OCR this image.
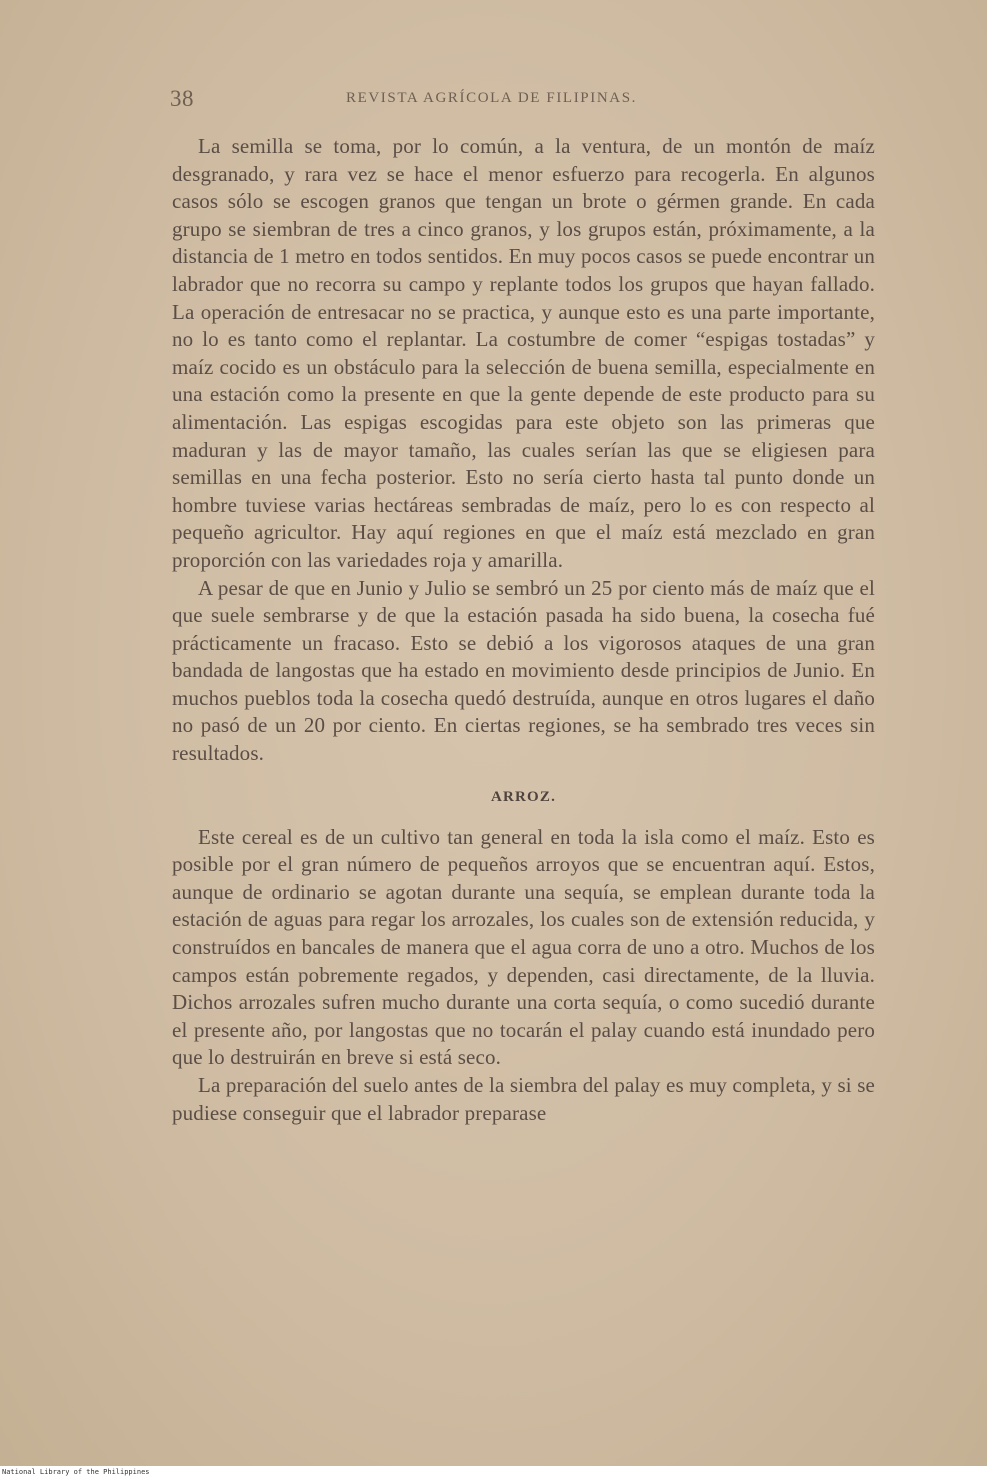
38	REVISTA AGRÍCOLA DE FILIPINAS.

La semilla se toma, por lo común, a la ventura, de un montón de maíz desgranado, y rara vez se hace el menor esfuerzo para recogerla. En algunos casos sólo se escogen granos que tengan un brote o gérmen grande. En cada grupo se siembran de tres a cinco granos, y los grupos están, próximamente, a la distancia de 1 metro en todos sentidos. En muy pocos casos se puede encontrar un labrador que no recorra su campo y replante todos los grupos que hayan fallado. La operación de entresacar no se practica, y aunque esto es una parte importante, no lo es tanto como el replantar. La costumbre de comer “espigas tostadas” y maíz cocido es un obstáculo para la selección de buena semilla, especialmente en una estación como la presente en que la gente depende de este producto para su alimentación. Las espigas escogidas para este objeto son las primeras que maduran y las de mayor tamaño, las cuales serían las que se eligiesen para semillas en una fecha posterior. Esto no sería cierto hasta tal punto donde un hombre tuviese varias hectáreas sembradas de maíz, pero lo es con respecto al pequeño agricultor. Hay aquí regiones en que el maíz está mezclado en gran proporción con las variedades roja y amarilla.

A pesar de que en Junio y Julio se sembró un 25 por ciento más de maíz que el que suele sembrarse y de que la estación pasada ha sido buena, la cosecha fué prácticamente un fracaso. Esto se debió a los vigorosos ataques de una gran bandada de langostas que ha estado en movimiento desde principios de Junio. En muchos pueblos toda la cosecha quedó destruída, aunque en otros lugares el daño no pasó de un 20 por ciento. En ciertas regiones, se ha sembrado tres veces sin resultados.

ARROZ.

Este cereal es de un cultivo tan general en toda la isla como el maíz. Esto es posible por el gran número de pequeños arroyos que se encuentran aquí. Estos, aunque de ordinario se agotan durante una sequía, se emplean durante toda la estación de aguas para regar los arrozales, los cuales son de extensión reducida, y construídos en bancales de manera que el agua corra de uno a otro. Muchos de los campos están pobremente regados, y dependen, casi directamente, de la lluvia. Dichos arrozales sufren mucho durante una corta sequía, o como sucedió durante el presente año, por langostas que no tocarán el palay cuando está inundado pero que lo destruirán en breve si está seco.

La preparación del suelo antes de la siembra del palay es muy completa, y si se pudiese conseguir que el labrador preparase

National Library of the Philippines
